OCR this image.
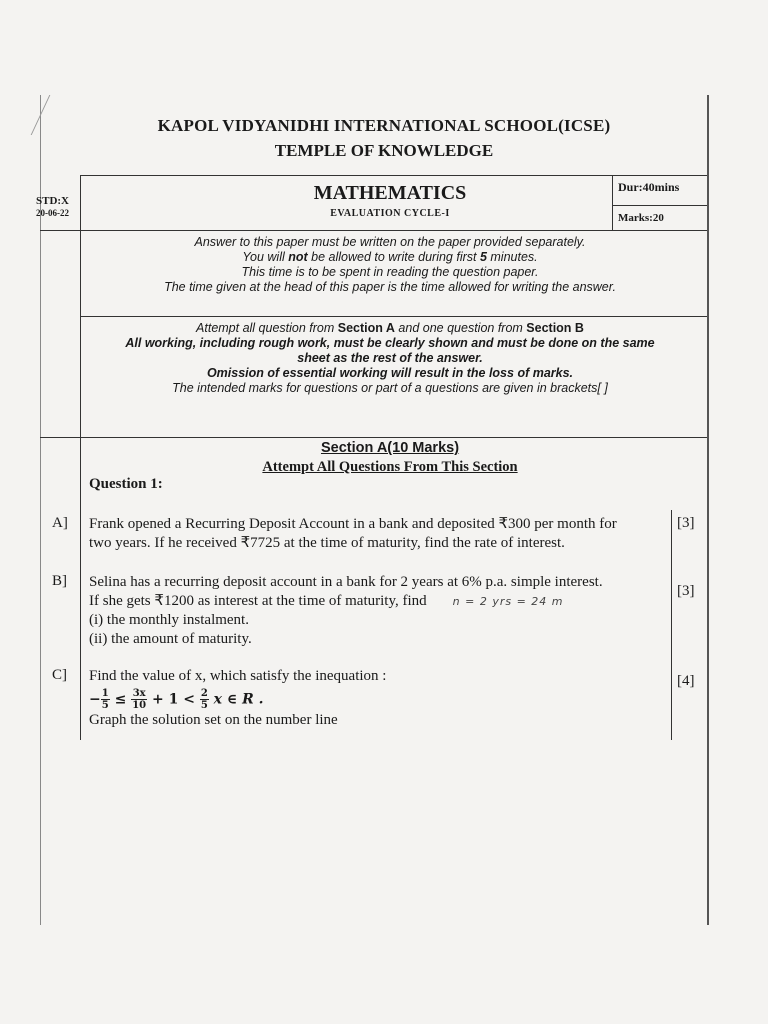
KAPOL VIDYANIDHI INTERNATIONAL SCHOOL(ICSE)
TEMPLE OF KNOWLEDGE
STD:X
20-06-22
MATHEMATICS
EVALUATION CYCLE-I
Dur:40mins
Marks:20
Answer to this paper must be written on the paper provided separately.
You will not be allowed to write during first 5 minutes.
This time is to be spent in reading the question paper.
The time given at the head of this paper is the time allowed for writing the answer.
Attempt all question from Section A and one question from Section B
All working, including rough work, must be clearly shown and must be done on the same
sheet as the rest of the answer.
Omission of essential working will result in the loss of marks.
The intended marks for questions or part of a questions are given in brackets[ ]
Section A(10 Marks)
Attempt All Questions From This Section
Question 1:
A] Frank opened a Recurring Deposit Account in a bank and deposited ₹300 per month for
two years. If he received ₹7725 at the time of maturity, find the rate of interest.
[3]
B] Selina has a recurring deposit account in a bank for 2 years at 6% p.a. simple interest.
If she gets ₹1200 as interest at the time of maturity, find n = 2 yrs = 24 m
(i) the monthly instalment.
(ii) the amount of maturity.
[3]
C] Find the value of x, which satisfy the inequation :
− $\frac{1}{5} \le \frac{3x}{10} + 1 < \frac{2}{5}$ x ∈ R .
Graph the solution set on the number line
[4]
